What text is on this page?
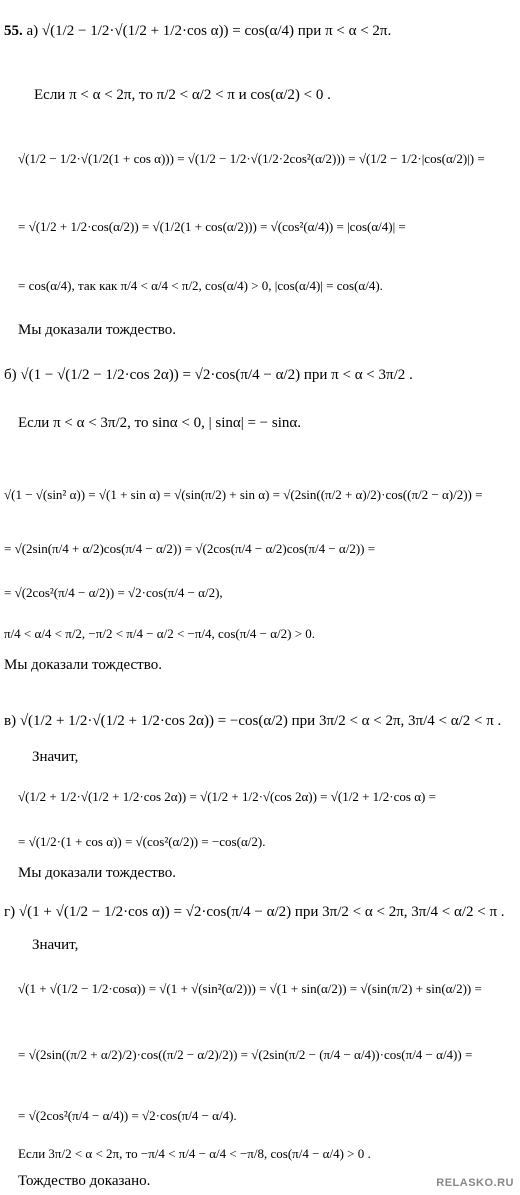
55. а) √(1/2 − 1/2·√(1/2 + 1/2·cos α)) = cos(α/4) при π < α < 2π.
Если π < α < 2π, то π/2 < α/2 < π и cos(α/2) < 0 .
√(1/2 − 1/2·√(1/2(1 + cos α))) = √(1/2 − 1/2·√(1/2·2cos²(α/2))) = √(1/2 − 1/2·|cos(α/2)|) =
= √(1/2 + 1/2·cos(α/2)) = √(1/2(1 + cos(α/2))) = √(cos²(α/4)) = |cos(α/4)| =
= cos(α/4), так как π/4 < α/4 < π/2, cos(α/4) > 0, |cos(α/4)| = cos(α/4).
Мы доказали тождество.
б) √(1 − √(1/2 − 1/2·cos 2α)) = √2·cos(π/4 − α/2) при π < α < 3π/2 .
Если π < α < 3π/2, то sinα < 0, | sinα| = − sinα.
√(1 − √(sin² α)) = √(1 + sin α) = √(sin(π/2) + sin α) = √(2sin((π/2 + α)/2)·cos((π/2 − α)/2)) =
= √(2sin(π/4 + α/2)cos(π/4 − α/2)) = √(2cos(π/4 − α/2)cos(π/4 − α/2)) =
= √(2cos²(π/4 − α/2)) = √2·cos(π/4 − α/2),
π/4 < α/4 < π/2, −π/2 < π/4 − α/2 < −π/4, cos(π/4 − α/2) > 0.
Мы доказали тождество.
в) √(1/2 + 1/2·√(1/2 + 1/2·cos 2α)) = −cos(α/2) при 3π/2 < α < 2π, 3π/4 < α/2 < π .
Значит,
√(1/2 + 1/2·√(1/2 + 1/2·cos 2α)) = √(1/2 + 1/2·√(cos 2α)) = √(1/2 + 1/2·cos α) =
= √(1/2·(1 + cos α)) = √(cos²(α/2)) = −cos(α/2).
Мы доказали тождество.
г) √(1 + √(1/2 − 1/2·cos α)) = √2·cos(π/4 − α/2) при 3π/2 < α < 2π, 3π/4 < α/2 < π .
Значит,
√(1 + √(1/2 − 1/2·cosα)) = √(1 + √(sin²(α/2))) = √(1 + sin(α/2)) = √(sin(π/2) + sin(α/2)) =
= √(2sin((π/2 + α/2)/2)·cos((π/2 − α/2)/2)) = √(2sin(π/2 − (π/4 − α/4))·cos(π/4 − α/4)) =
= √(2cos²(π/4 − α/4)) = √2·cos(π/4 − α/4).
Если 3π/2 < α < 2π, то −π/4 < π/4 − α/4 < −π/8, cos(π/4 − α/4) > 0 .
Тождество доказано.	RELASKO.RU
